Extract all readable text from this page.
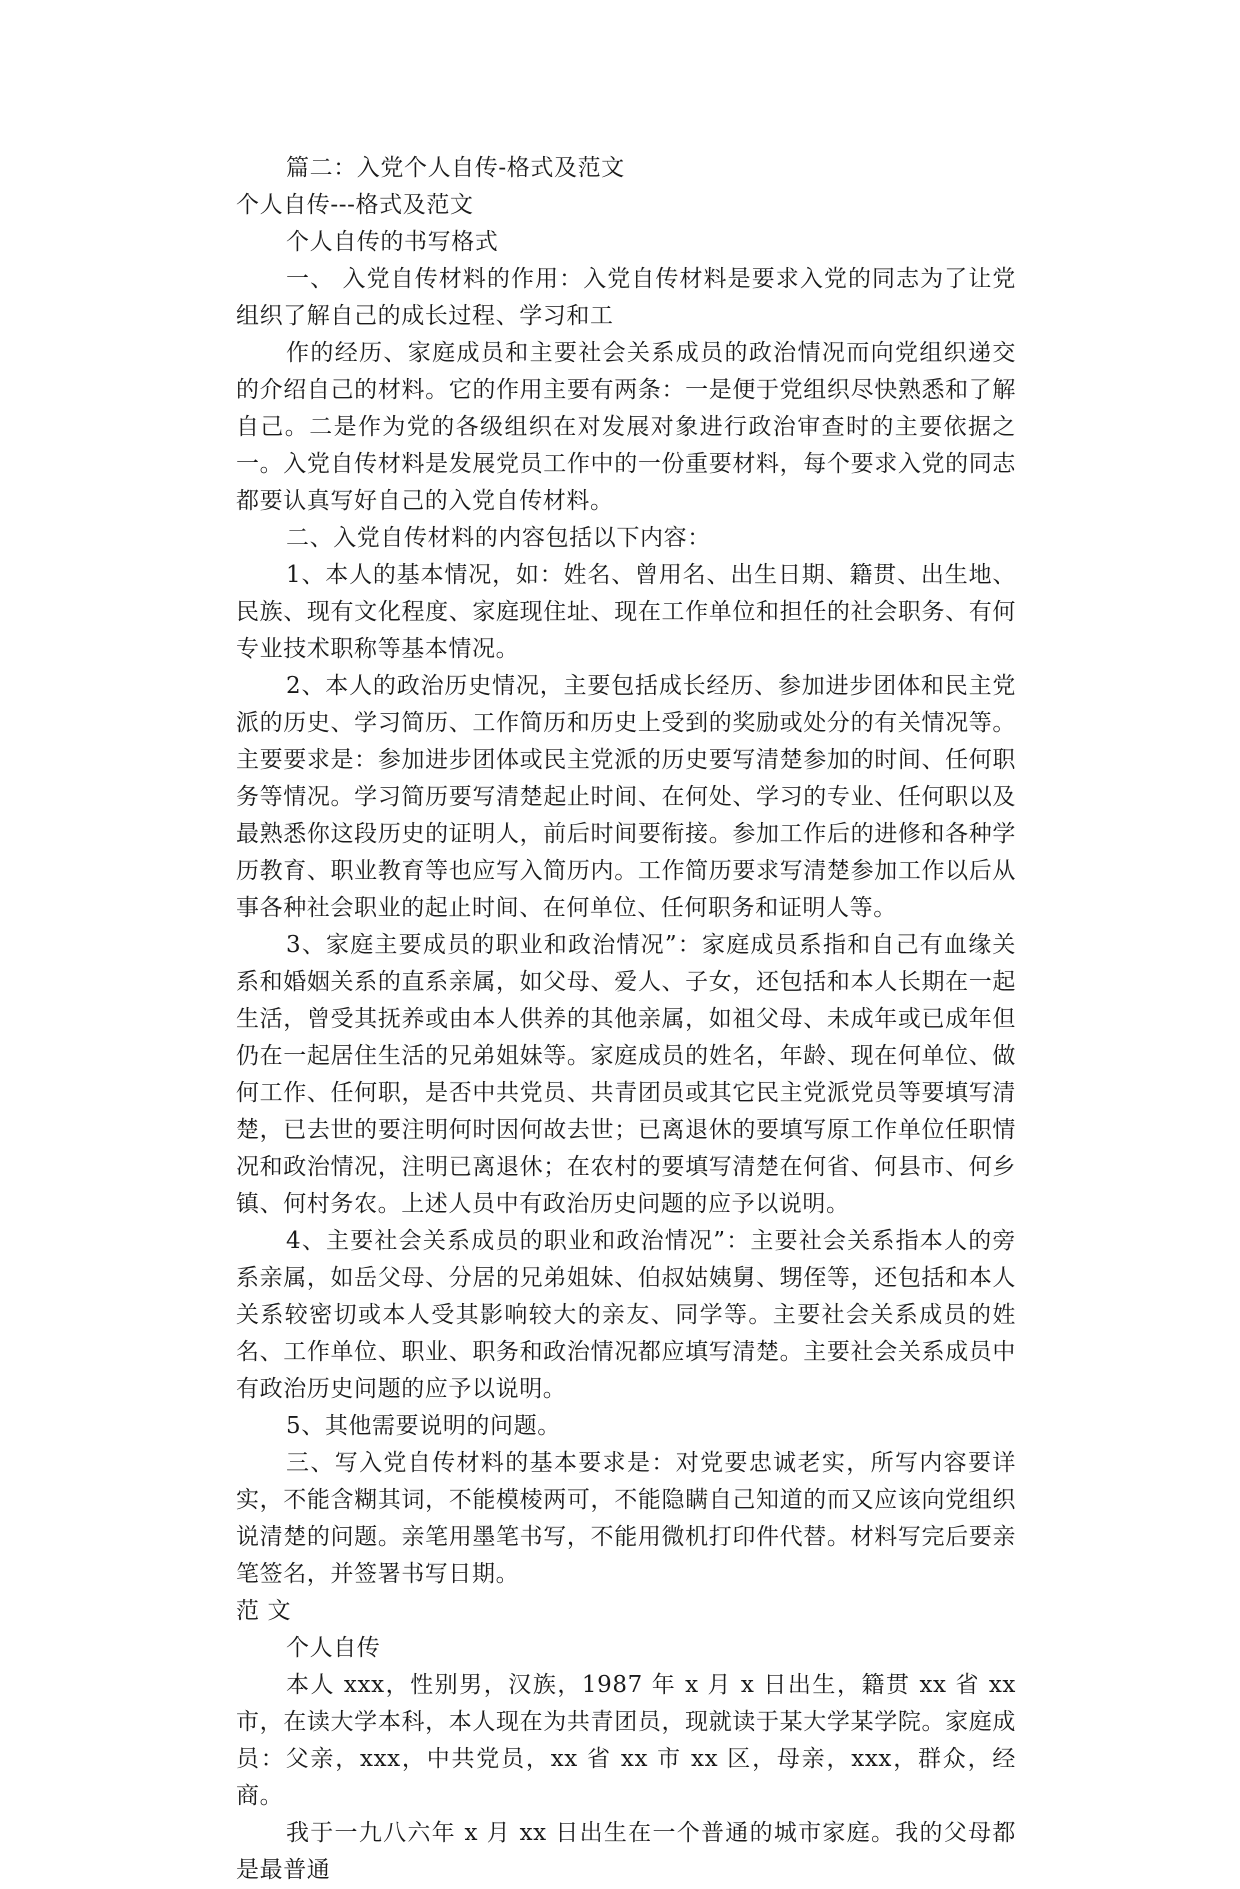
篇二：入党个人自传-格式及范文

个人自传---格式及范文

个人自传的书写格式

一、 入党自传材料的作用：入党自传材料是要求入党的同志为了让党组织了解自己的成长过程、学习和工

作的经历、家庭成员和主要社会关系成员的政治情况而向党组织递交的介绍自己的材料。它的作用主要有两条：一是便于党组织尽快熟悉和了解自己。二是作为党的各级组织在对发展对象进行政治审查时的主要依据之一。入党自传材料是发展党员工作中的一份重要材料，每个要求入党的同志都要认真写好自己的入党自传材料。

二、入党自传材料的内容包括以下内容：

1、本人的基本情况，如：姓名、曾用名、出生日期、籍贯、出生地、民族、现有文化程度、家庭现住址、现在工作单位和担任的社会职务、有何专业技术职称等基本情况。

2、本人的政治历史情况，主要包括成长经历、参加进步团体和民主党派的历史、学习简历、工作简历和历史上受到的奖励或处分的有关情况等。主要要求是：参加进步团体或民主党派的历史要写清楚参加的时间、任何职务等情况。学习简历要写清楚起止时间、在何处、学习的专业、任何职以及最熟悉你这段历史的证明人，前后时间要衔接。参加工作后的进修和各种学历教育、职业教育等也应写入简历内。工作简历要求写清楚参加工作以后从事各种社会职业的起止时间、在何单位、任何职务和证明人等。

3、家庭主要成员的职业和政治情况”：家庭成员系指和自己有血缘关系和婚姻关系的直系亲属，如父母、爱人、子女，还包括和本人长期在一起生活，曾受其抚养或由本人供养的其他亲属，如祖父母、未成年或已成年但仍在一起居住生活的兄弟姐妹等。家庭成员的姓名，年龄、现在何单位、做何工作、任何职，是否中共党员、共青团员或其它民主党派党员等要填写清楚，已去世的要注明何时因何故去世；已离退休的要填写原工作单位任职情况和政治情况，注明已离退休；在农村的要填写清楚在何省、何县市、何乡镇、何村务农。上述人员中有政治历史问题的应予以说明。

4、主要社会关系成员的职业和政治情况”：主要社会关系指本人的旁系亲属，如岳父母、分居的兄弟姐妹、伯叔姑姨舅、甥侄等，还包括和本人关系较密切或本人受其影响较大的亲友、同学等。主要社会关系成员的姓名、工作单位、职业、职务和政治情况都应填写清楚。主要社会关系成员中有政治历史问题的应予以说明。

5、其他需要说明的问题。

三、写入党自传材料的基本要求是：对党要忠诚老实，所写内容要详实，不能含糊其词，不能模棱两可，不能隐瞒自己知道的而又应该向党组织说清楚的问题。亲笔用墨笔书写，不能用微机打印件代替。材料写完后要亲笔签名，并签署书写日期。

范 文

个人自传

本人 xxx，性别男，汉族，1987 年 x 月 x 日出生，籍贯 xx 省 xx 市，在读大学本科，本人现在为共青团员，现就读于某大学某学院。家庭成员：父亲，xxx，中共党员，xx 省 xx 市 xx 区，母亲，xxx，群众，经商。

我于一九八六年 x 月 xx 日出生在一个普通的城市家庭。我的父母都是最普通
